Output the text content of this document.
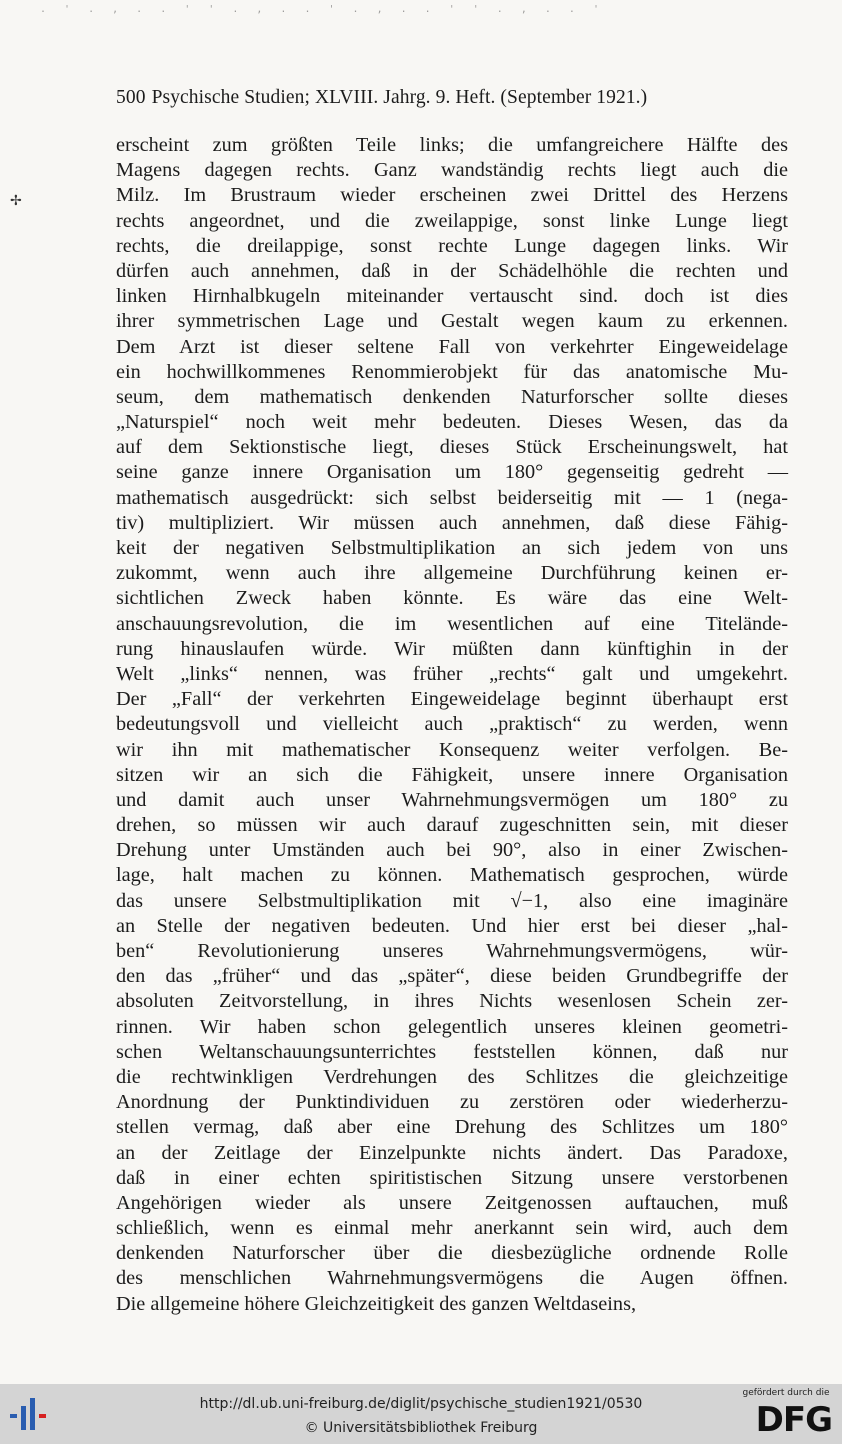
. ' . , . . ' ' . , . . ' . , . . ' ' . , . . '
500 Psychische Studien; XLVIII. Jahrg. 9. Heft. (September 1921.)
✢
erscheint zum größten Teile links; die umfangreichere Hälfte des
Magens dagegen rechts. Ganz wandständig rechts liegt auch die
Milz. Im Brustraum wieder erscheinen zwei Drittel des Herzens
rechts angeordnet, und die zweilappige, sonst linke Lunge liegt
rechts, die dreilappige, sonst rechte Lunge dagegen links. Wir
dürfen auch annehmen, daß in der Schädelhöhle die rechten und
linken Hirnhalbkugeln miteinander vertauscht sind. doch ist dies
ihrer symmetrischen Lage und Gestalt wegen kaum zu erkennen.
Dem Arzt ist dieser seltene Fall von verkehrter Eingeweidelage
ein hochwillkommenes Renommierobjekt für das anatomische Mu-
seum, dem mathematisch denkenden Naturforscher sollte dieses
„Naturspiel“ noch weit mehr bedeuten. Dieses Wesen, das da
auf dem Sektionstische liegt, dieses Stück Erscheinungswelt, hat
seine ganze innere Organisation um 180° gegenseitig gedreht —
mathematisch ausgedrückt: sich selbst beiderseitig mit — 1 (nega-
tiv) multipliziert. Wir müssen auch annehmen, daß diese Fähig-
keit der negativen Selbstmultiplikation an sich jedem von uns
zukommt, wenn auch ihre allgemeine Durchführung keinen er-
sichtlichen Zweck haben könnte. Es wäre das eine Welt-
anschauungsrevolution, die im wesentlichen auf eine Titelände-
rung hinauslaufen würde. Wir müßten dann künftighin in der
Welt „links“ nennen, was früher „rechts“ galt und umgekehrt.
Der „Fall“ der verkehrten Eingeweidelage beginnt überhaupt erst
bedeutungsvoll und vielleicht auch „praktisch“ zu werden, wenn
wir ihn mit mathematischer Konsequenz weiter verfolgen. Be-
sitzen wir an sich die Fähigkeit, unsere innere Organisation
und damit auch unser Wahrnehmungsvermögen um 180° zu
drehen, so müssen wir auch darauf zugeschnitten sein, mit dieser
Drehung unter Umständen auch bei 90°, also in einer Zwischen-
lage, halt machen zu können. Mathematisch gesprochen, würde
das unsere Selbstmultiplikation mit √−1, also eine imaginäre
an Stelle der negativen bedeuten. Und hier erst bei dieser „hal-
ben“ Revolutionierung unseres Wahrnehmungsvermögens, wür-
den das „früher“ und das „später“, diese beiden Grundbegriffe der
absoluten Zeitvorstellung, in ihres Nichts wesenlosen Schein zer-
rinnen. Wir haben schon gelegentlich unseres kleinen geometri-
schen Weltanschauungsunterrichtes feststellen können, daß nur
die rechtwinkligen Verdrehungen des Schlitzes die gleichzeitige
Anordnung der Punktindividuen zu zerstören oder wiederherzu-
stellen vermag, daß aber eine Drehung des Schlitzes um 180°
an der Zeitlage der Einzelpunkte nichts ändert. Das Paradoxe,
daß in einer echten spiritistischen Sitzung unsere verstorbenen
Angehörigen wieder als unsere Zeitgenossen auftauchen, muß
schließlich, wenn es einmal mehr anerkannt sein wird, auch dem
denkenden Naturforscher über die diesbezügliche ordnende Rolle
des menschlichen Wahrnehmungsvermögens die Augen öffnen.
Die allgemeine höhere Gleichzeitigkeit des ganzen Weltdaseins,
http://dl.ub.uni-freiburg.de/diglit/psychische_studien1921/0530
© Universitätsbibliothek Freiburg
gefördert durch die
DFG
